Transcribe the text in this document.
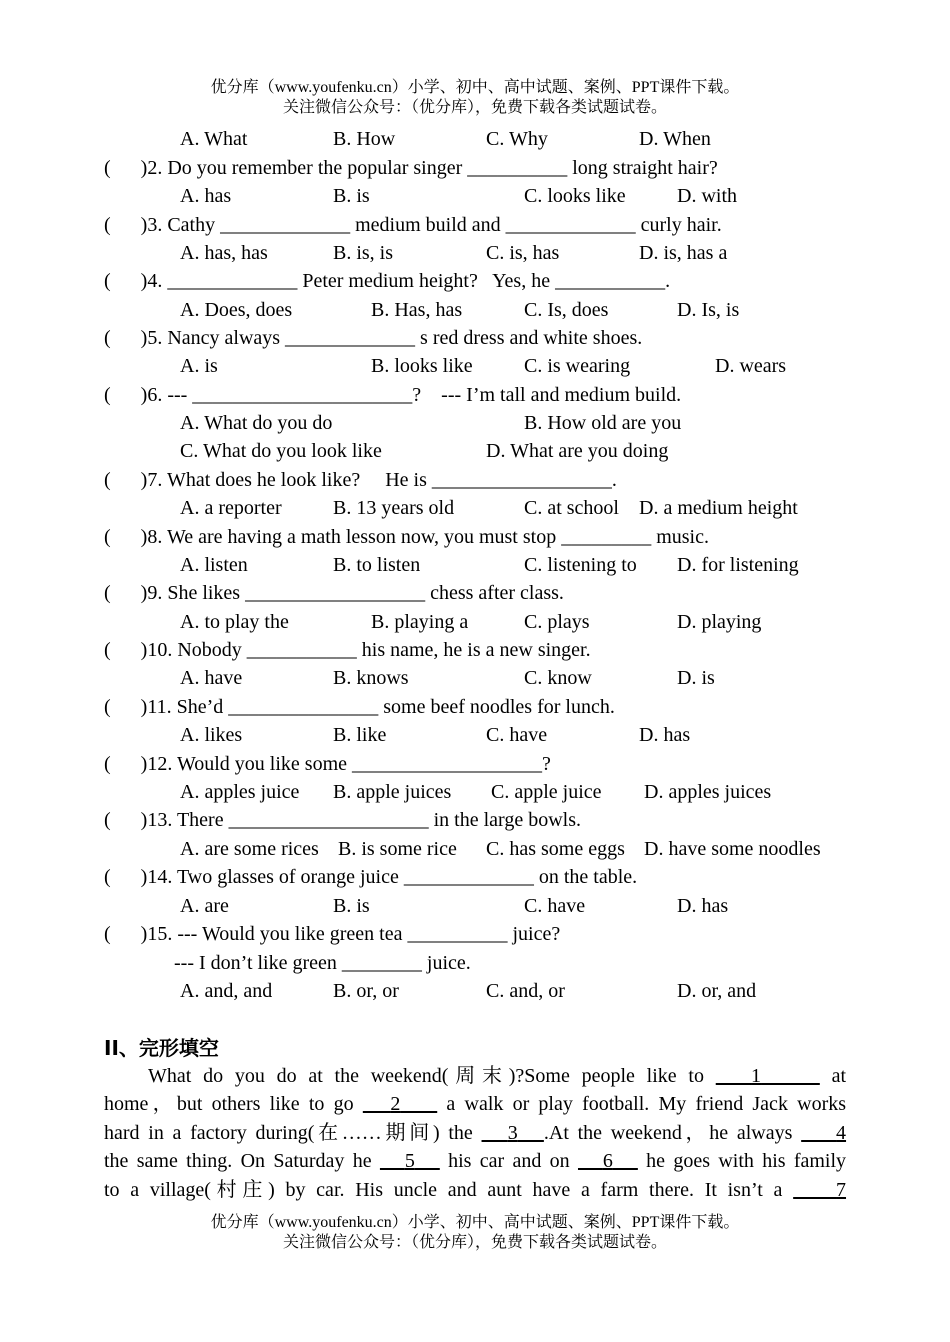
优分库（www.youfenku.cn）小学、初中、高中试题、案例、PPT课件下载。
关注微信公众号：（优分库），免费下载各类试题试卷。
A. What	B. How	C. Why	D. When
(      )2. Do you remember the popular singer __________ long straight hair?
A. has	B. is	C. looks like	D. with
(      )3. Cathy _____________ medium build and _____________ curly hair.
A. has, has	B. is, is	C. is, has	D. is, has a
(      )4. _____________ Peter medium height?   Yes, he ___________.
A. Does, does	B. Has, has	C. Is, does	D. Is, is
(      )5. Nancy always _____________ s red dress and white shoes.
A. is	B. looks like	C. is wearing	D. wears
(      )6. --- ______________________?    --- I’m tall and medium build.
A. What do you do	B. How old are you
C. What do you look like	D. What are you doing
(      )7. What does he look like?     He is __________________.
A. a reporter	B. 13 years old	C. at school D. a medium height
(      )8. We are having a math lesson now, you must stop _________ music.
A. listen	B. to listen	C. listening to D. for listening
(      )9. She likes __________________ chess after class.
A. to play the	B. playing a	C. plays	D. playing
(      )10. Nobody ___________ his name, he is a new singer.
A. have	B. knows	C. know	D. is
(      )11. She’d _______________ some beef noodles for lunch.
A. likes	B. like	C. have	D. has
(      )12. Would you like some ___________________?
A. apples juice B. apple juices C. apple juice D. apples juices
(      )13. There ____________________ in the large bowls.
A. are some rices B. is some rice C. has some eggs D. have some noodles
(      )14. Two glasses of orange juice _____________ on the table.
A. are	B. is	C. have	D. has
(      )15. --- Would you like green tea __________ juice?
--- I don’t like green ________ juice.
A. and, and	B. or, or	C. and, or	D. or, and
II、完形填空
What do you do at the weekend(周末)?Some people like to 1	at
home，but others like to go 2 a walk or play football. My friend Jack works
hard in a factory during(在……期间) the 3 .At the weekend，he always 4
the same thing. On Saturday he 5 his car and on 6 he goes with his family
to a village(村庄) by car. His uncle and aunt have a farm there. It isn’t a	7
优分库（www.youfenku.cn）小学、初中、高中试题、案例、PPT课件下载。
关注微信公众号：（优分库），免费下载各类试题试卷。
